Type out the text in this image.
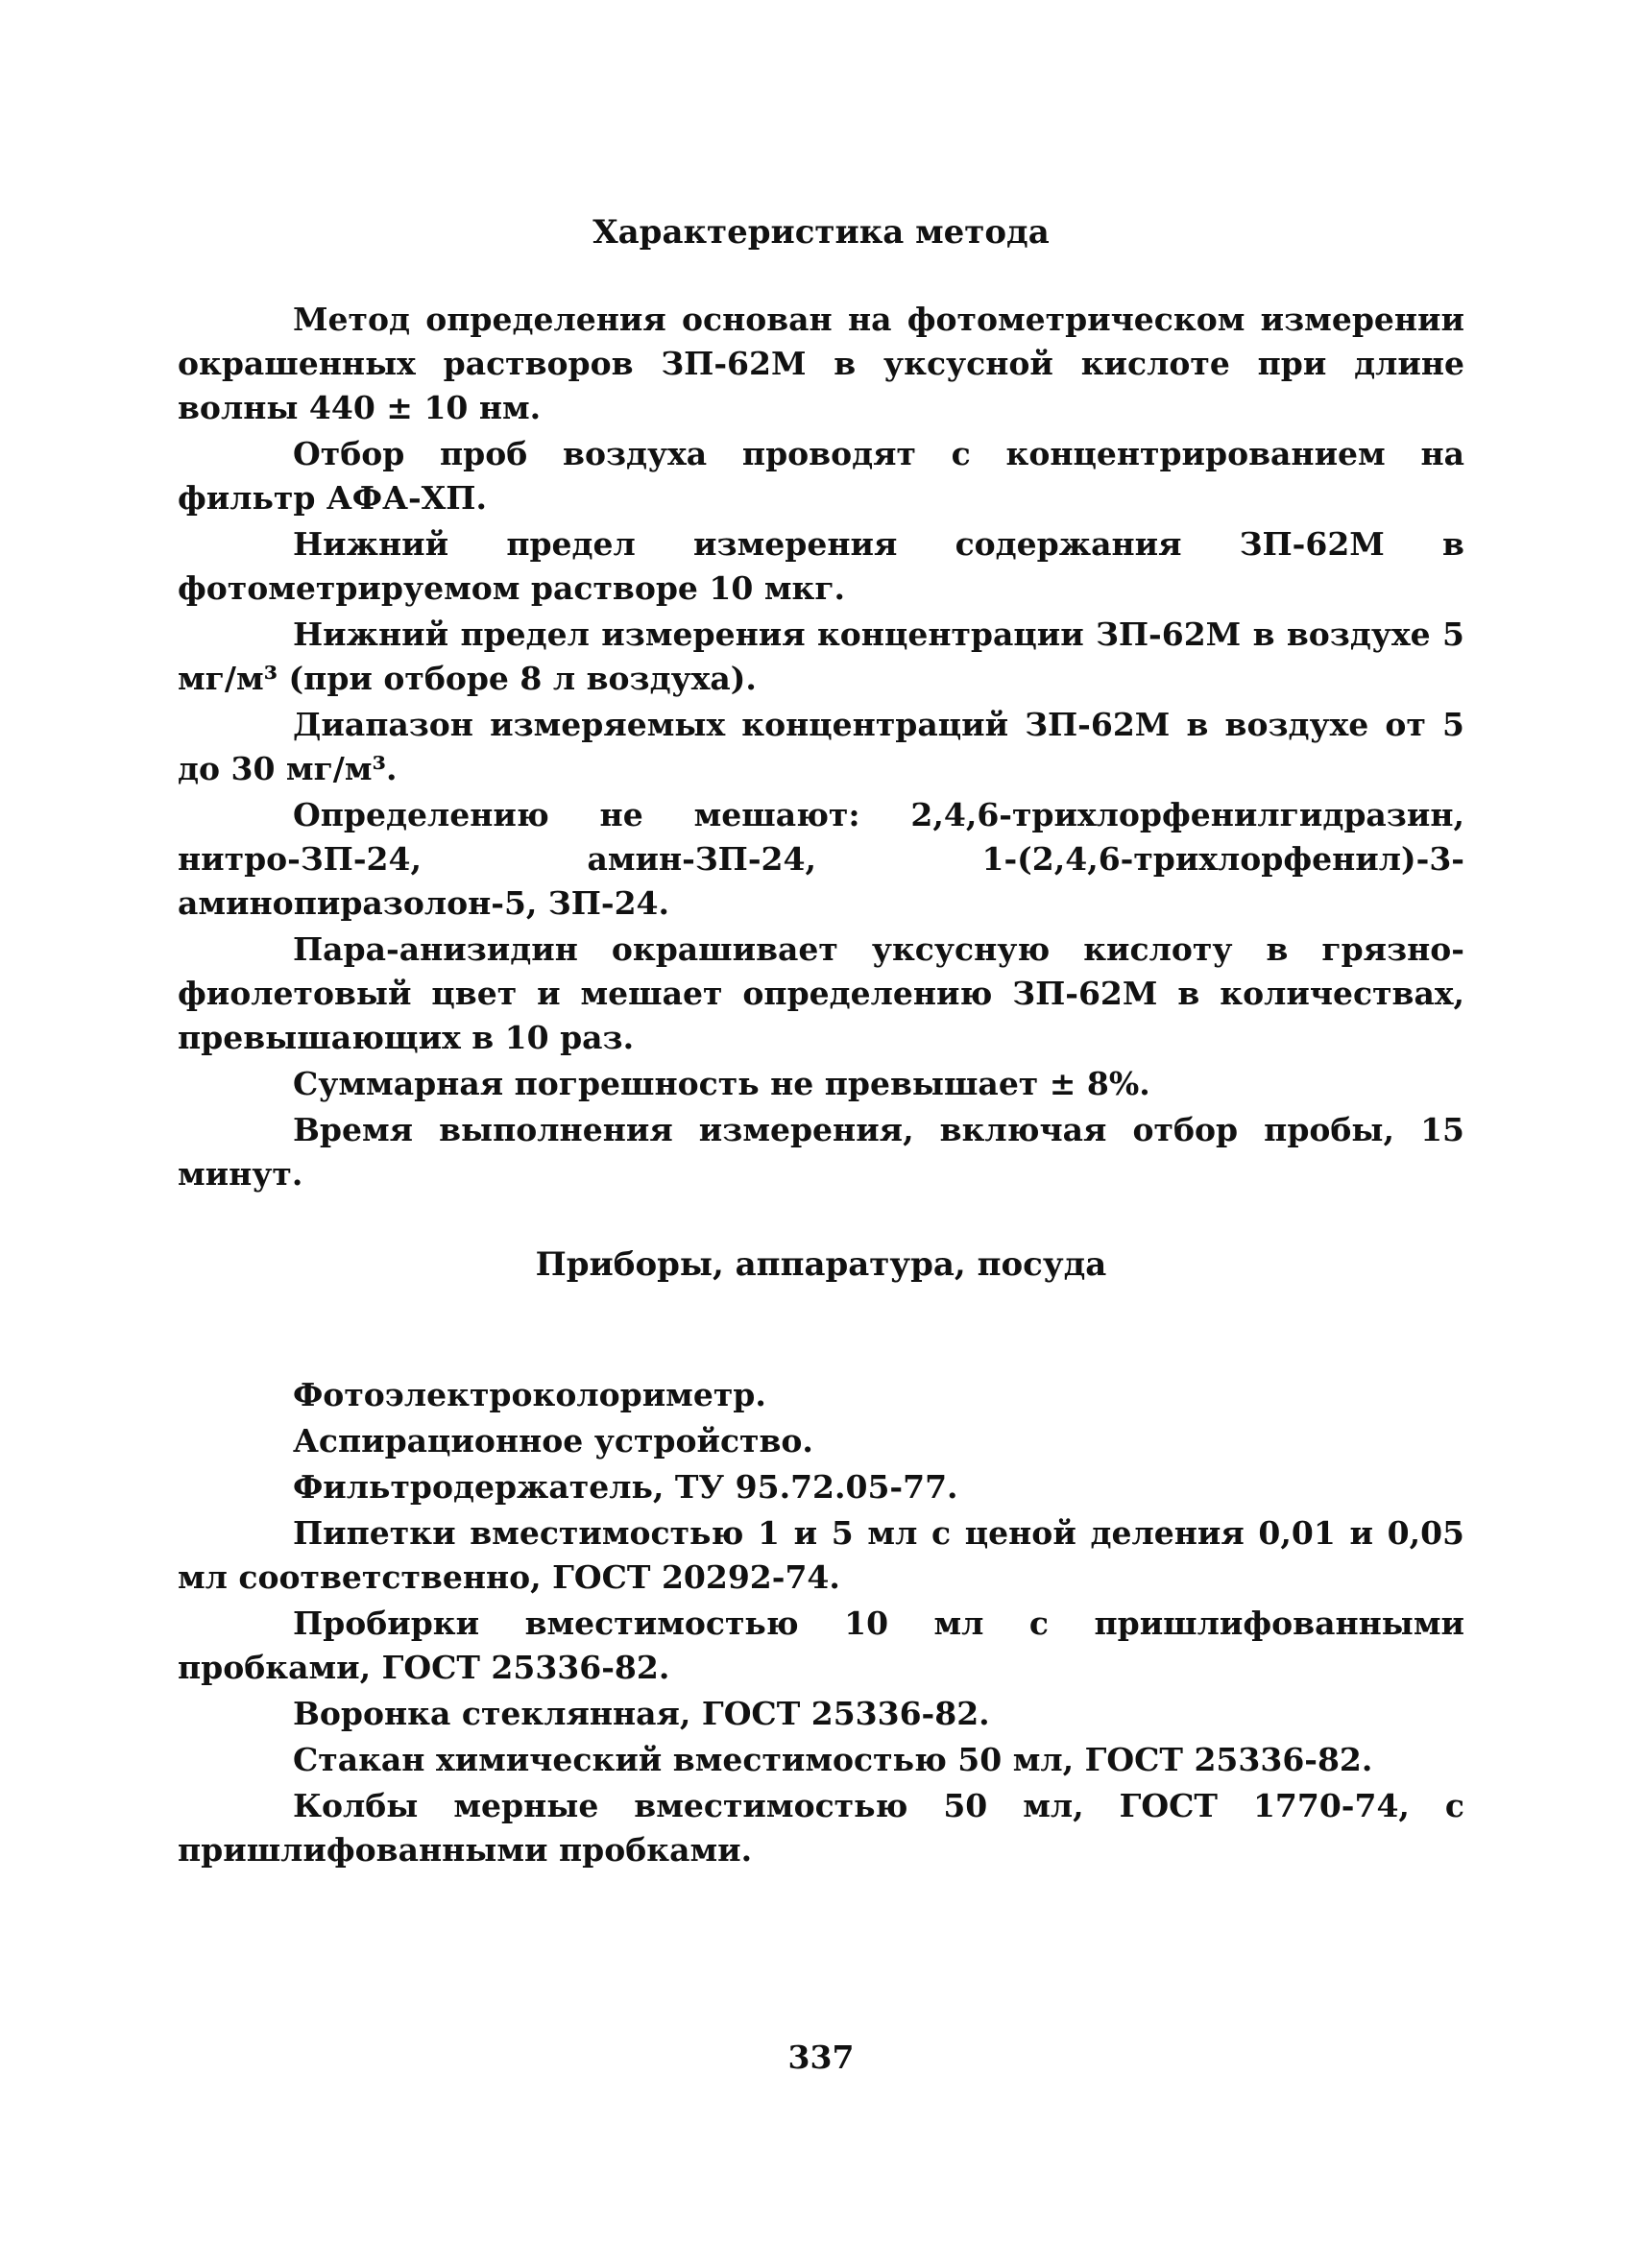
Характеристика метода

Метод определения основан на фотометрическом измерении окрашенных растворов ЗП-62М в уксусной кислоте при длине волны 440 ± 10 нм.

Отбор проб воздуха проводят с концентрированием на фильтр АФА-ХП.

Нижний предел измерения содержания ЗП-62М в фотометрируемом растворе 10 мкг.

Нижний предел измерения концентрации ЗП-62М в воздухе 5 мг/м³ (при отборе 8 л воздуха).

Диапазон измеряемых концентраций ЗП-62М в воздухе от 5 до 30 мг/м³.

Определению не мешают: 2,4,6-трихлорфенилгидразин, нитро-ЗП-24, амин-ЗП-24, 1-(2,4,6-трихлорфенил)-3-аминопиразолон-5, ЗП-24.

Пара-анизидин окрашивает уксусную кислоту в грязно-фиолетовый цвет и мешает определению ЗП-62М в количествах, превышающих в 10 раз.

Суммарная погрешность не превышает ± 8%.

Время выполнения измерения, включая отбор пробы, 15 минут.

Приборы, аппаратура, посуда

Фотоэлектроколориметр.

Аспирационное устройство.

Фильтродержатель, ТУ 95.72.05-77.

Пипетки вместимостью 1 и 5 мл с ценой деления 0,01 и 0,05 мл соответственно, ГОСТ 20292-74.

Пробирки вместимостью 10 мл с пришлифованными пробками, ГОСТ 25336-82.

Воронка стеклянная, ГОСТ 25336-82.

Стакан химический вместимостью 50 мл, ГОСТ 25336-82.

Колбы мерные вместимостью 50 мл, ГОСТ 1770-74, с пришлифованными пробками.

337
